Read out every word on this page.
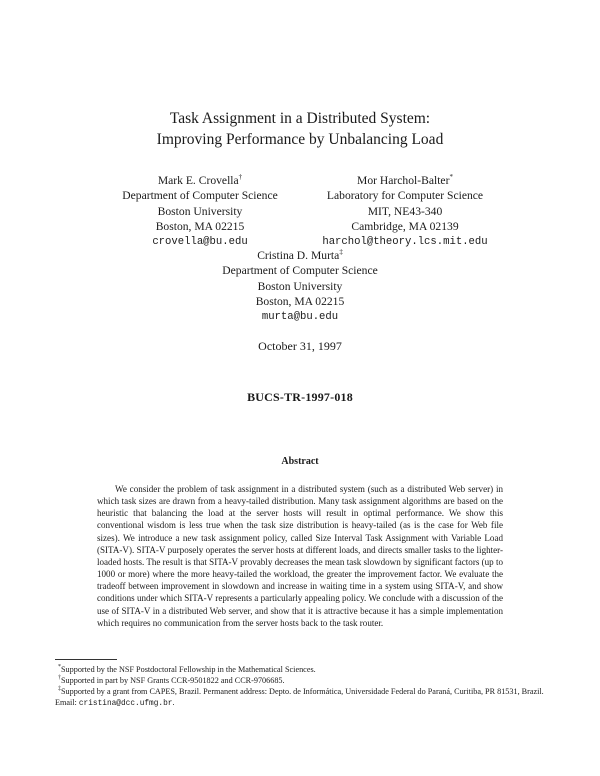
Task Assignment in a Distributed System:
Improving Performance by Unbalancing Load
Mark E. Crovella†
Department of Computer Science
Boston University
Boston, MA 02215
crovella@bu.edu
Mor Harchol-Balter*
Laboratory for Computer Science
MIT, NE43-340
Cambridge, MA 02139
harchol@theory.lcs.mit.edu
Cristina D. Murta‡
Department of Computer Science
Boston University
Boston, MA 02215
murta@bu.edu
October 31, 1997
BUCS-TR-1997-018
Abstract

We consider the problem of task assignment in a distributed system (such as a distributed Web server) in which task sizes are drawn from a heavy-tailed distribution. Many task assignment algorithms are based on the heuristic that balancing the load at the server hosts will result in optimal performance. We show this conventional wisdom is less true when the task size distribution is heavy-tailed (as is the case for Web file sizes). We introduce a new task assignment policy, called Size Interval Task Assignment with Variable Load (SITA-V). SITA-V purposely operates the server hosts at different loads, and directs smaller tasks to the lighter-loaded hosts. The result is that SITA-V provably decreases the mean task slowdown by significant factors (up to 1000 or more) where the more heavy-tailed the workload, the greater the improvement factor. We evaluate the tradeoff between improvement in slowdown and increase in waiting time in a system using SITA-V, and show conditions under which SITA-V represents a particularly appealing policy. We conclude with a discussion of the use of SITA-V in a distributed Web server, and show that it is attractive because it has a simple implementation which requires no communication from the server hosts back to the task router.

*Supported by the NSF Postdoctoral Fellowship in the Mathematical Sciences.

†Supported in part by NSF Grants CCR-9501822 and CCR-9706685.

‡Supported by a grant from CAPES, Brazil. Permanent address: Depto. de Informática, Universidade Federal do Paraná, Curitiba, PR 81531, Brazil. Email: cristina@dcc.ufmg.br.
